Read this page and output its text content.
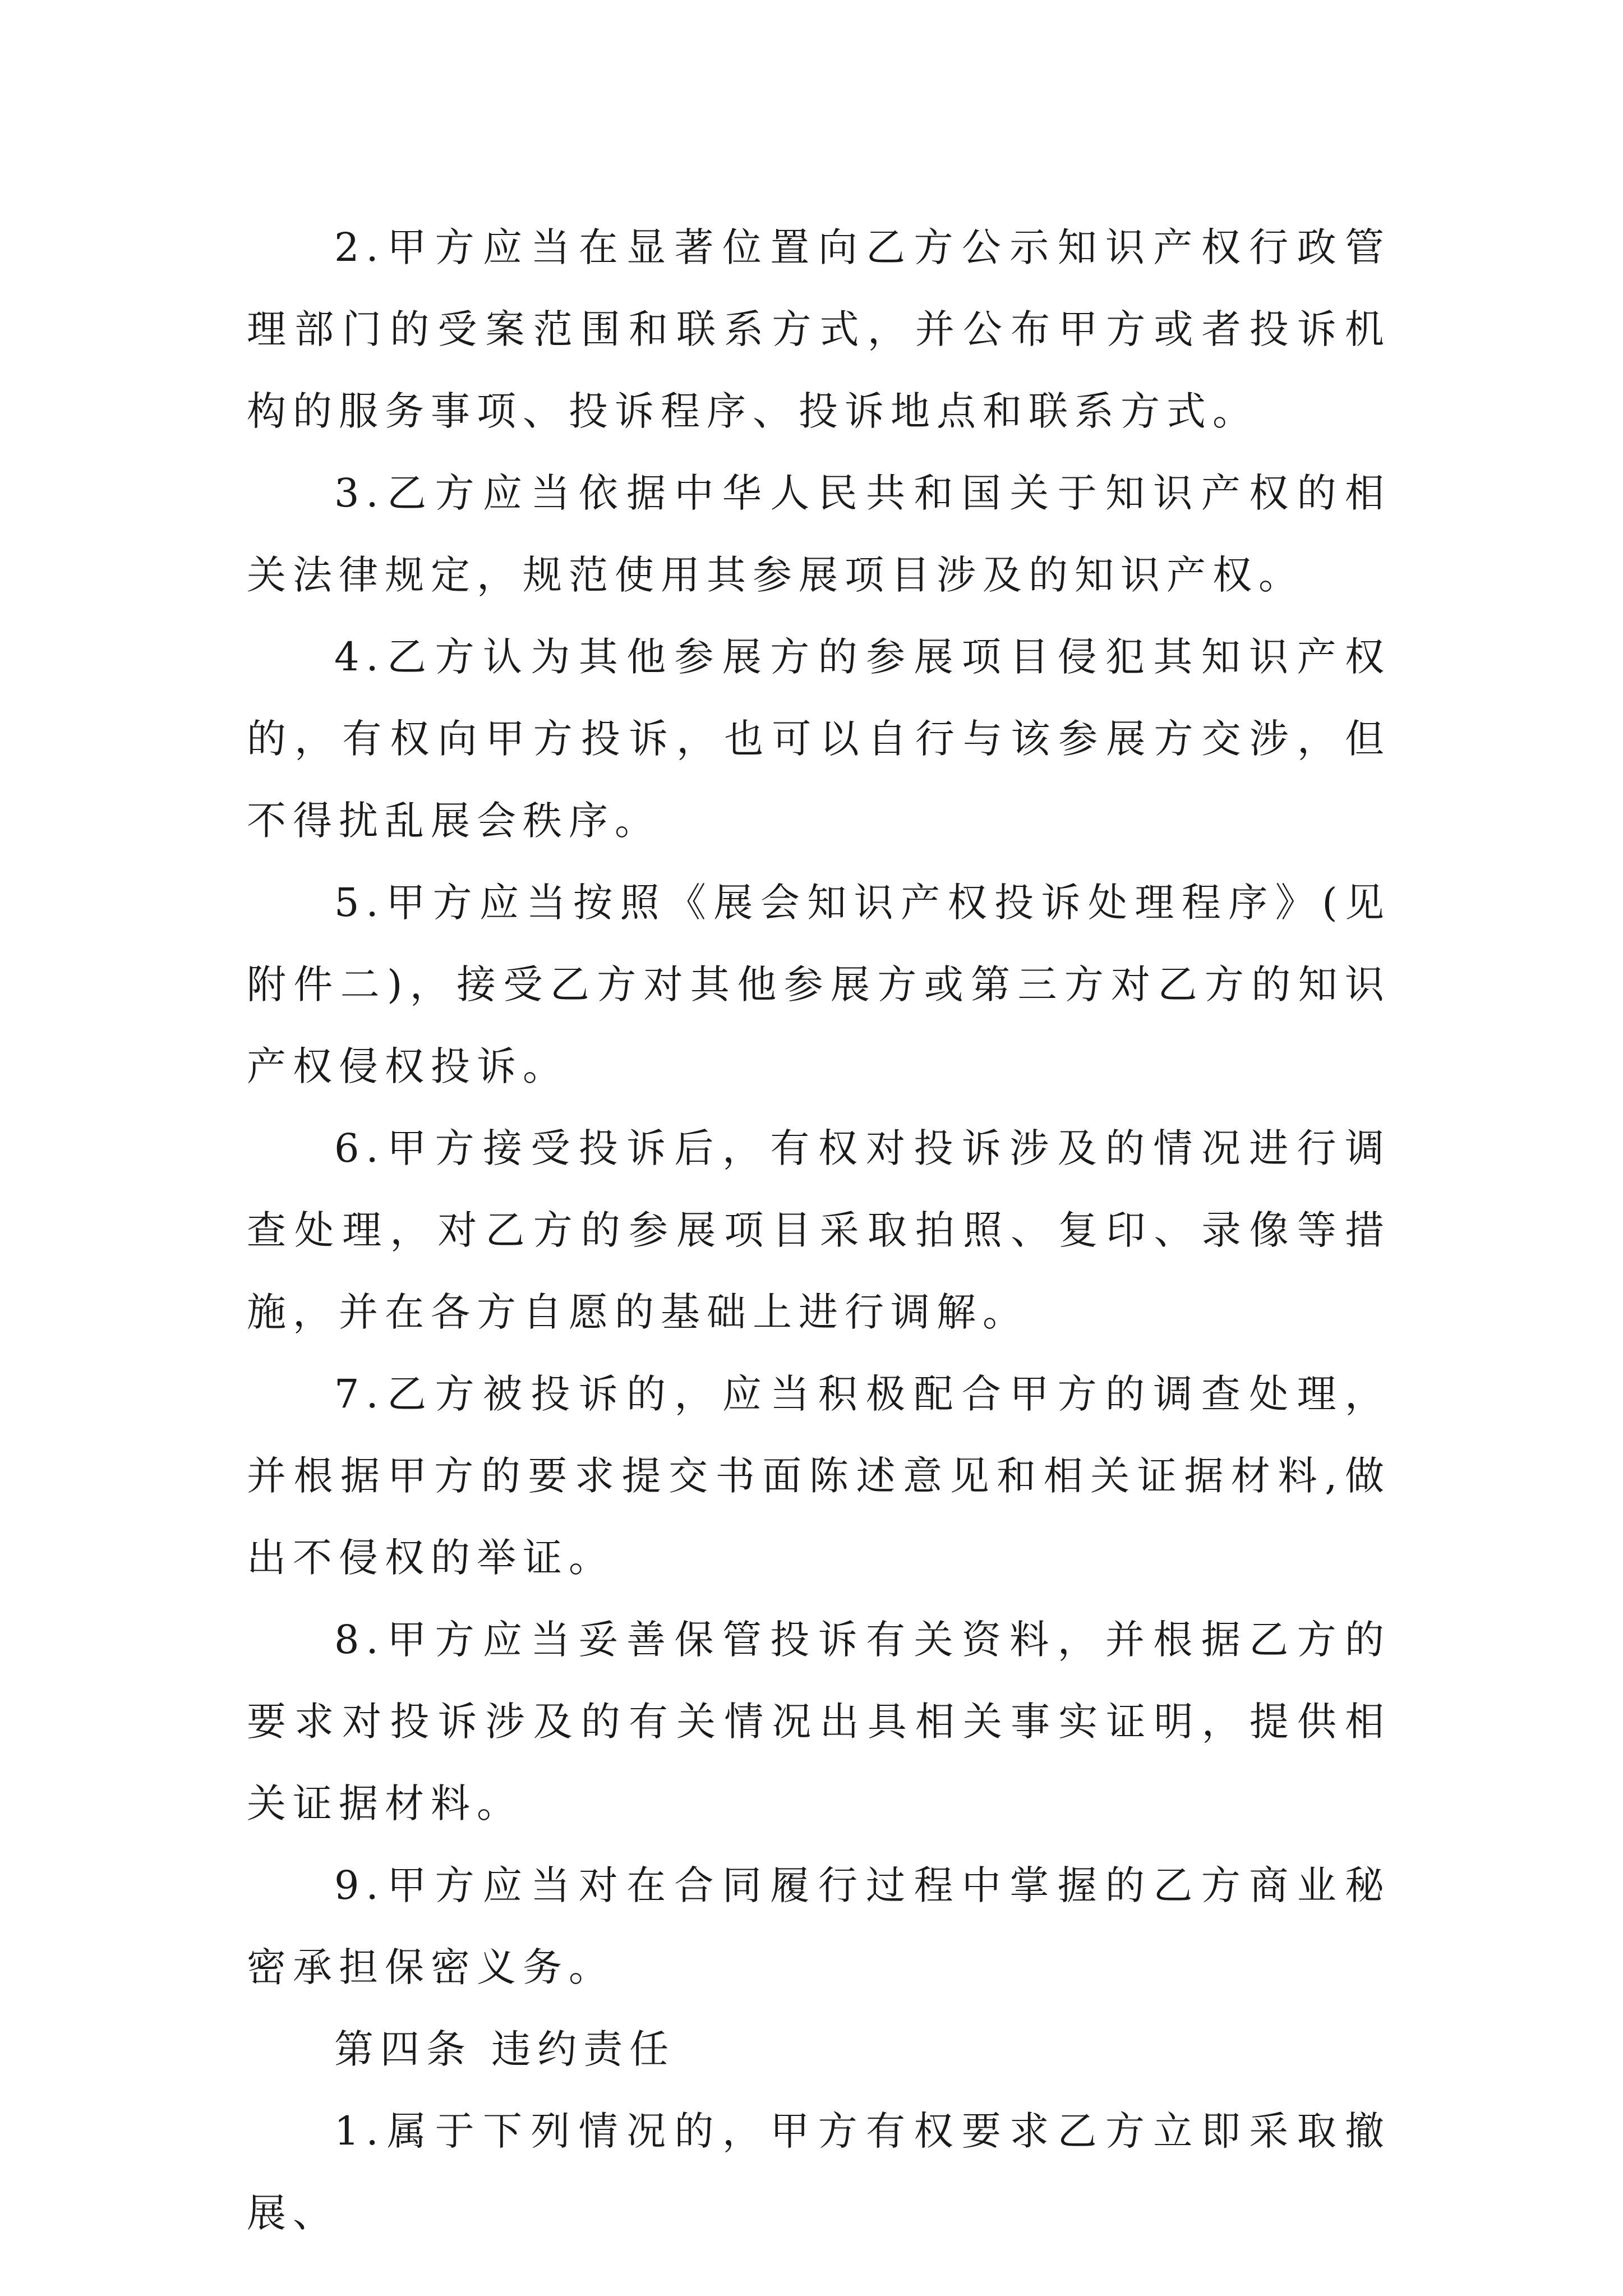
2.甲方应当在显著位置向乙方公示知识产权行政管理部门的受案范围和联系方式，并公布甲方或者投诉机构的服务事项、投诉程序、投诉地点和联系方式。

3.乙方应当依据中华人民共和国关于知识产权的相关法律规定，规范使用其参展项目涉及的知识产权。

4.乙方认为其他参展方的参展项目侵犯其知识产权的，有权向甲方投诉，也可以自行与该参展方交涉，但不得扰乱展会秩序。

5.甲方应当按照《展会知识产权投诉处理程序》(见附件二)，接受乙方对其他参展方或第三方对乙方的知识产权侵权投诉。

6.甲方接受投诉后，有权对投诉涉及的情况进行调查处理，对乙方的参展项目采取拍照、复印、录像等措施，并在各方自愿的基础上进行调解。

7.乙方被投诉的，应当积极配合甲方的调查处理，并根据甲方的要求提交书面陈述意见和相关证据材料,做出不侵权的举证。

8.甲方应当妥善保管投诉有关资料，并根据乙方的要求对投诉涉及的有关情况出具相关事实证明，提供相关证据材料。

9.甲方应当对在合同履行过程中掌握的乙方商业秘密承担保密义务。

第四条 违约责任

1.属于下列情况的，甲方有权要求乙方立即采取撤展、
